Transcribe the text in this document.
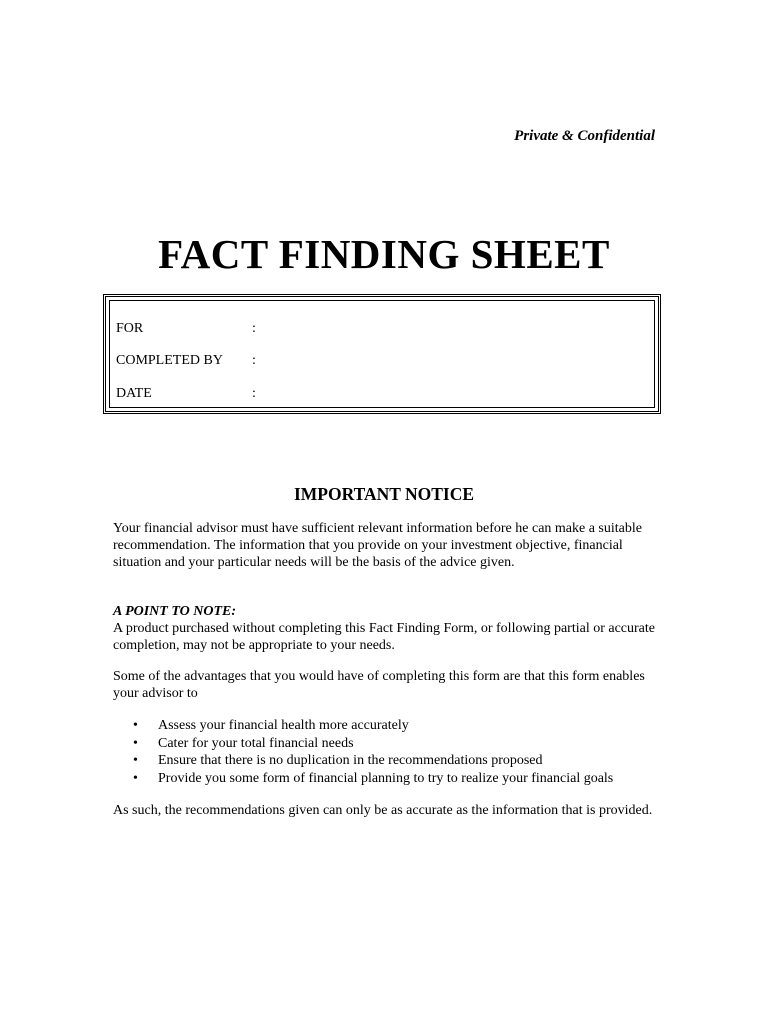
Private & Confidential

FACT FINDING SHEET
FOR	:
COMPLETED BY :
DATE	:
IMPORTANT NOTICE

Your financial advisor must have sufficient relevant information before he can make a suitable recommendation. The information that you provide on your investment objective, financial situation and your particular needs will be the basis of the advice given.

A POINT TO NOTE:

A product purchased without completing this Fact Finding Form, or following partial or accurate completion, may not be appropriate to your needs.

Some of the advantages that you would have of completing this form are that this form enables your advisor to

• Assess your financial health more accurately
• Cater for your total financial needs
• Ensure that there is no duplication in the recommendations proposed
• Provide you some form of financial planning to try to realize your financial goals

As such, the recommendations given can only be as accurate as the information that is provided.
